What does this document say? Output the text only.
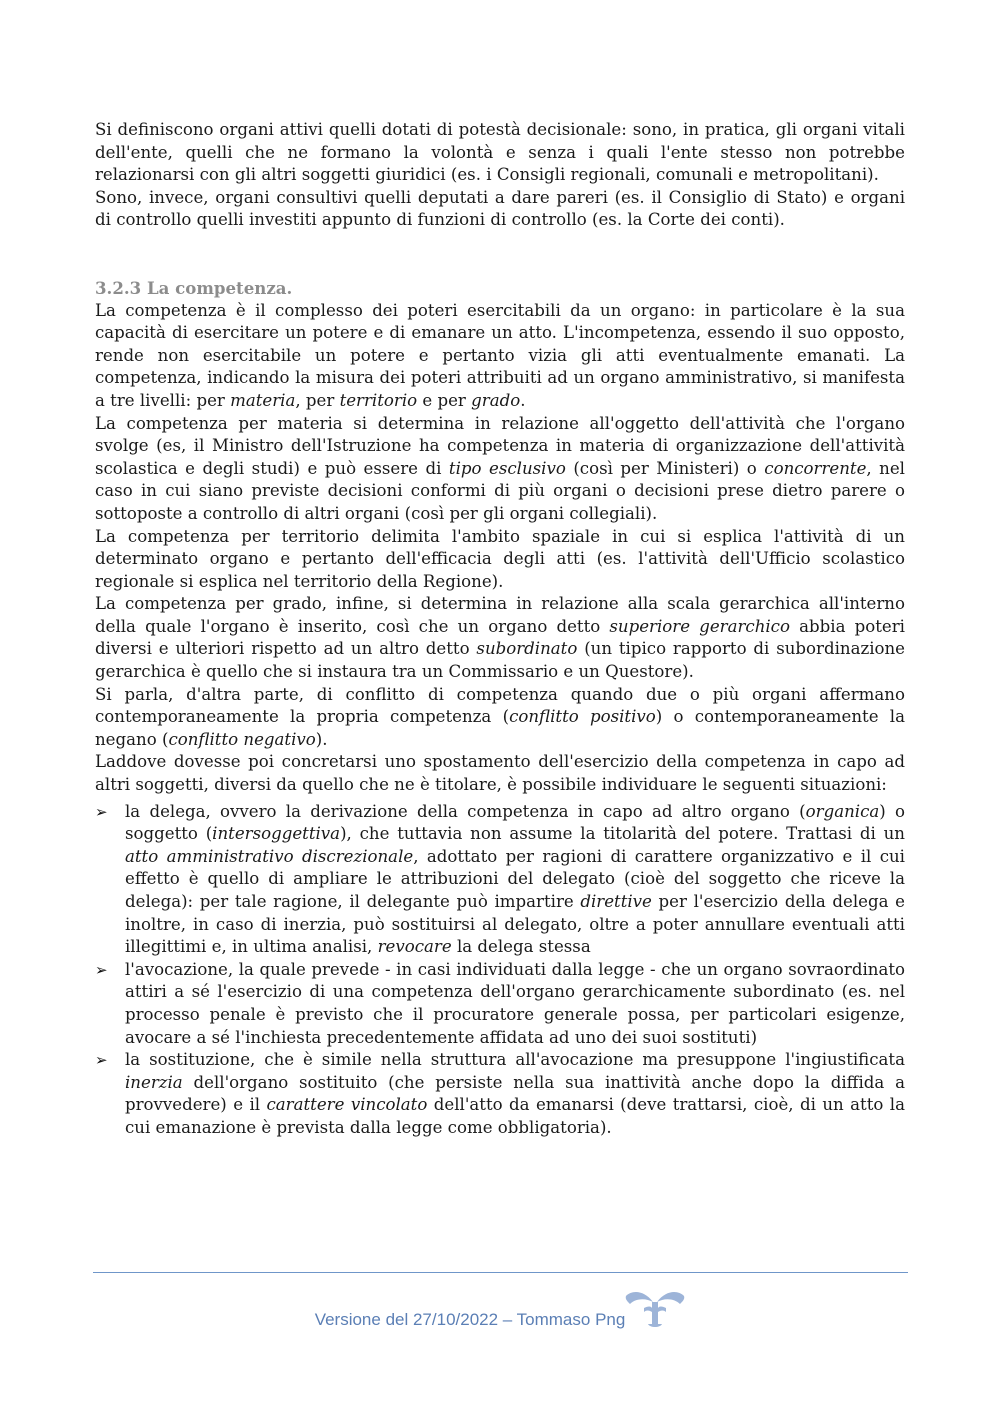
Si definiscono organi attivi quelli dotati di potestà decisionale: sono, in pratica, gli organi vitali dell'ente, quelli che ne formano la volontà e senza i quali l'ente stesso non potrebbe relazionarsi con gli altri soggetti giuridici (es. i Consigli regionali, comunali e metropolitani).

Sono, invece, organi consultivi quelli deputati a dare pareri (es. il Consiglio di Stato) e organi di controllo quelli investiti appunto di funzioni di controllo (es. la Corte dei conti).

3.2.3 La competenza.

La competenza è il complesso dei poteri esercitabili da un organo: in particolare è la sua capacità di esercitare un potere e di emanare un atto. L'incompetenza, essendo il suo opposto, rende non esercitabile un potere e pertanto vizia gli atti eventualmente emanati. La competenza, indicando la misura dei poteri attribuiti ad un organo amministrativo, si manifesta a tre livelli: per materia, per territorio e per grado.

La competenza per materia si determina in relazione all'oggetto dell'attività che l'organo svolge (es, il Ministro dell'Istruzione ha competenza in materia di organizzazione dell'attività scolastica e degli studi) e può essere di tipo esclusivo (così per Ministeri) o concorrente, nel caso in cui siano previste decisioni conformi di più organi o decisioni prese dietro parere o sottoposte a controllo di altri organi (così per gli organi collegiali).

La competenza per territorio delimita l'ambito spaziale in cui si esplica l'attività di un determinato organo e pertanto dell'efficacia degli atti (es. l'attività dell'Ufficio scolastico regionale si esplica nel territorio della Regione).

La competenza per grado, infine, si determina in relazione alla scala gerarchica all'interno della quale l'organo è inserito, così che un organo detto superiore gerarchico abbia poteri diversi e ulteriori rispetto ad un altro detto subordinato (un tipico rapporto di subordinazione gerarchica è quello che si instaura tra un Commissario e un Questore).

Si parla, d'altra parte, di conflitto di competenza quando due o più organi affermano contemporaneamente la propria competenza (conflitto positivo) o contemporaneamente la negano (conflitto negativo).

Laddove dovesse poi concretarsi uno spostamento dell'esercizio della competenza in capo ad altri soggetti, diversi da quello che ne è titolare, è possibile individuare le seguenti situazioni:

➢	la delega, ovvero la derivazione della competenza in capo ad altro organo (organica) o soggetto (intersoggettiva), che tuttavia non assume la titolarità del potere. Trattasi di un atto amministrativo discrezionale, adottato per ragioni di carattere organizzativo e il cui effetto è quello di ampliare le attribuzioni del delegato (cioè del soggetto che riceve la delega): per tale ragione, il delegante può impartire direttive per l'esercizio della delega e inoltre, in caso di inerzia, può sostituirsi al delegato, oltre a poter annullare eventuali atti illegittimi e, in ultima analisi, revocare la delega stessa
➢	l'avocazione, la quale prevede - in casi individuati dalla legge - che un organo sovraordinato attiri a sé l'esercizio di una competenza dell'organo gerarchicamente subordinato (es. nel processo penale è previsto che il procuratore generale possa, per particolari esigenze, avocare a sé l'inchiesta precedentemente affidata ad uno dei suoi sostituti)
➢	la sostituzione, che è simile nella struttura all'avocazione ma presuppone l'ingiustificata inerzia dell'organo sostituito (che persiste nella sua inattività anche dopo la diffida a provvedere) e il carattere vincolato dell'atto da emanarsi (deve trattarsi, cioè, di un atto la cui emanazione è prevista dalla legge come obbligatoria).
Versione del 27/10/2022 – Tommaso Png
